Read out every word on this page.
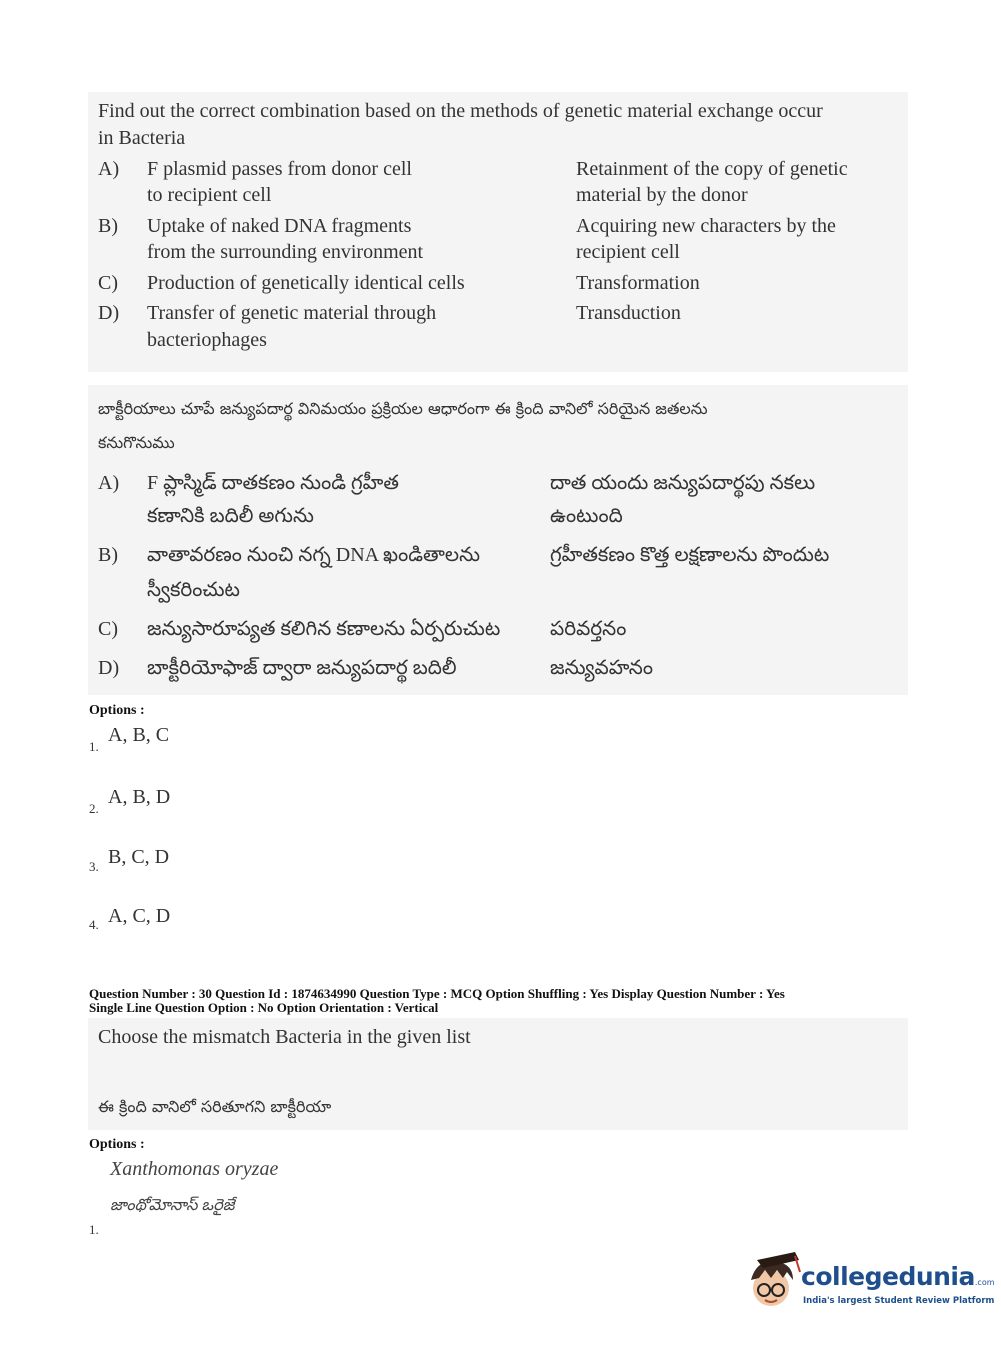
Find out the correct combination based on the methods of genetic material exchange occur
in Bacteria
A) F plasmid passes from donor cell
to recipient cell
Retainment of the copy of genetic
material by the donor
B) Uptake of naked DNA fragments
from the surrounding environment
Acquiring new characters by the
recipient cell
C) Production of genetically identical cells	Transformation
D) Transfer of genetic material through
bacteriophages
Transduction
బాక్టీరియాలు చూపే జన్యుపదార్థ వినిమయం ప్రక్రియల ఆధారంగా ఈ క్రింది వానిలో సరియైన జతలను
కనుగొనుము
A) F ప్లాస్మిడ్ దాతకణం నుండి గ్రహీత
కణానికి బదిలీ అగును
దాత యందు జన్యుపదార్థపు నకలు
ఉంటుంది
B) వాతావరణం నుంచి నగ్న DNA ఖండితాలను
స్వీకరించుట
గ్రహీతకణం కొత్త లక్షణాలను పొందుట
C) జన్యుసారూప్యత కలిగిన కణాలను ఏర్పరుచుట పరివర్తనం
D) బాక్టీరియోఫాజ్ ద్వారా జన్యుపదార్థ బదిలీ	జన్యువహనం
Options :
1.
A, B, C
2.
A, B, D
3. B, C, D
4. A, C, D
Question Number : 30 Question Id : 1874634990 Question Type : MCQ Option Shuffling : Yes Display Question Number : Yes
Single Line Question Option : No Option Orientation : Vertical
Choose the mismatch Bacteria in the given list
ఈ క్రింది వానిలో సరితూగని బాక్టీరియా
Options :
Xanthomonas oryzae
జాంథోమోనాస్ ఒరైజే
1.
collegedunia.com
India's largest Student Review Platform
